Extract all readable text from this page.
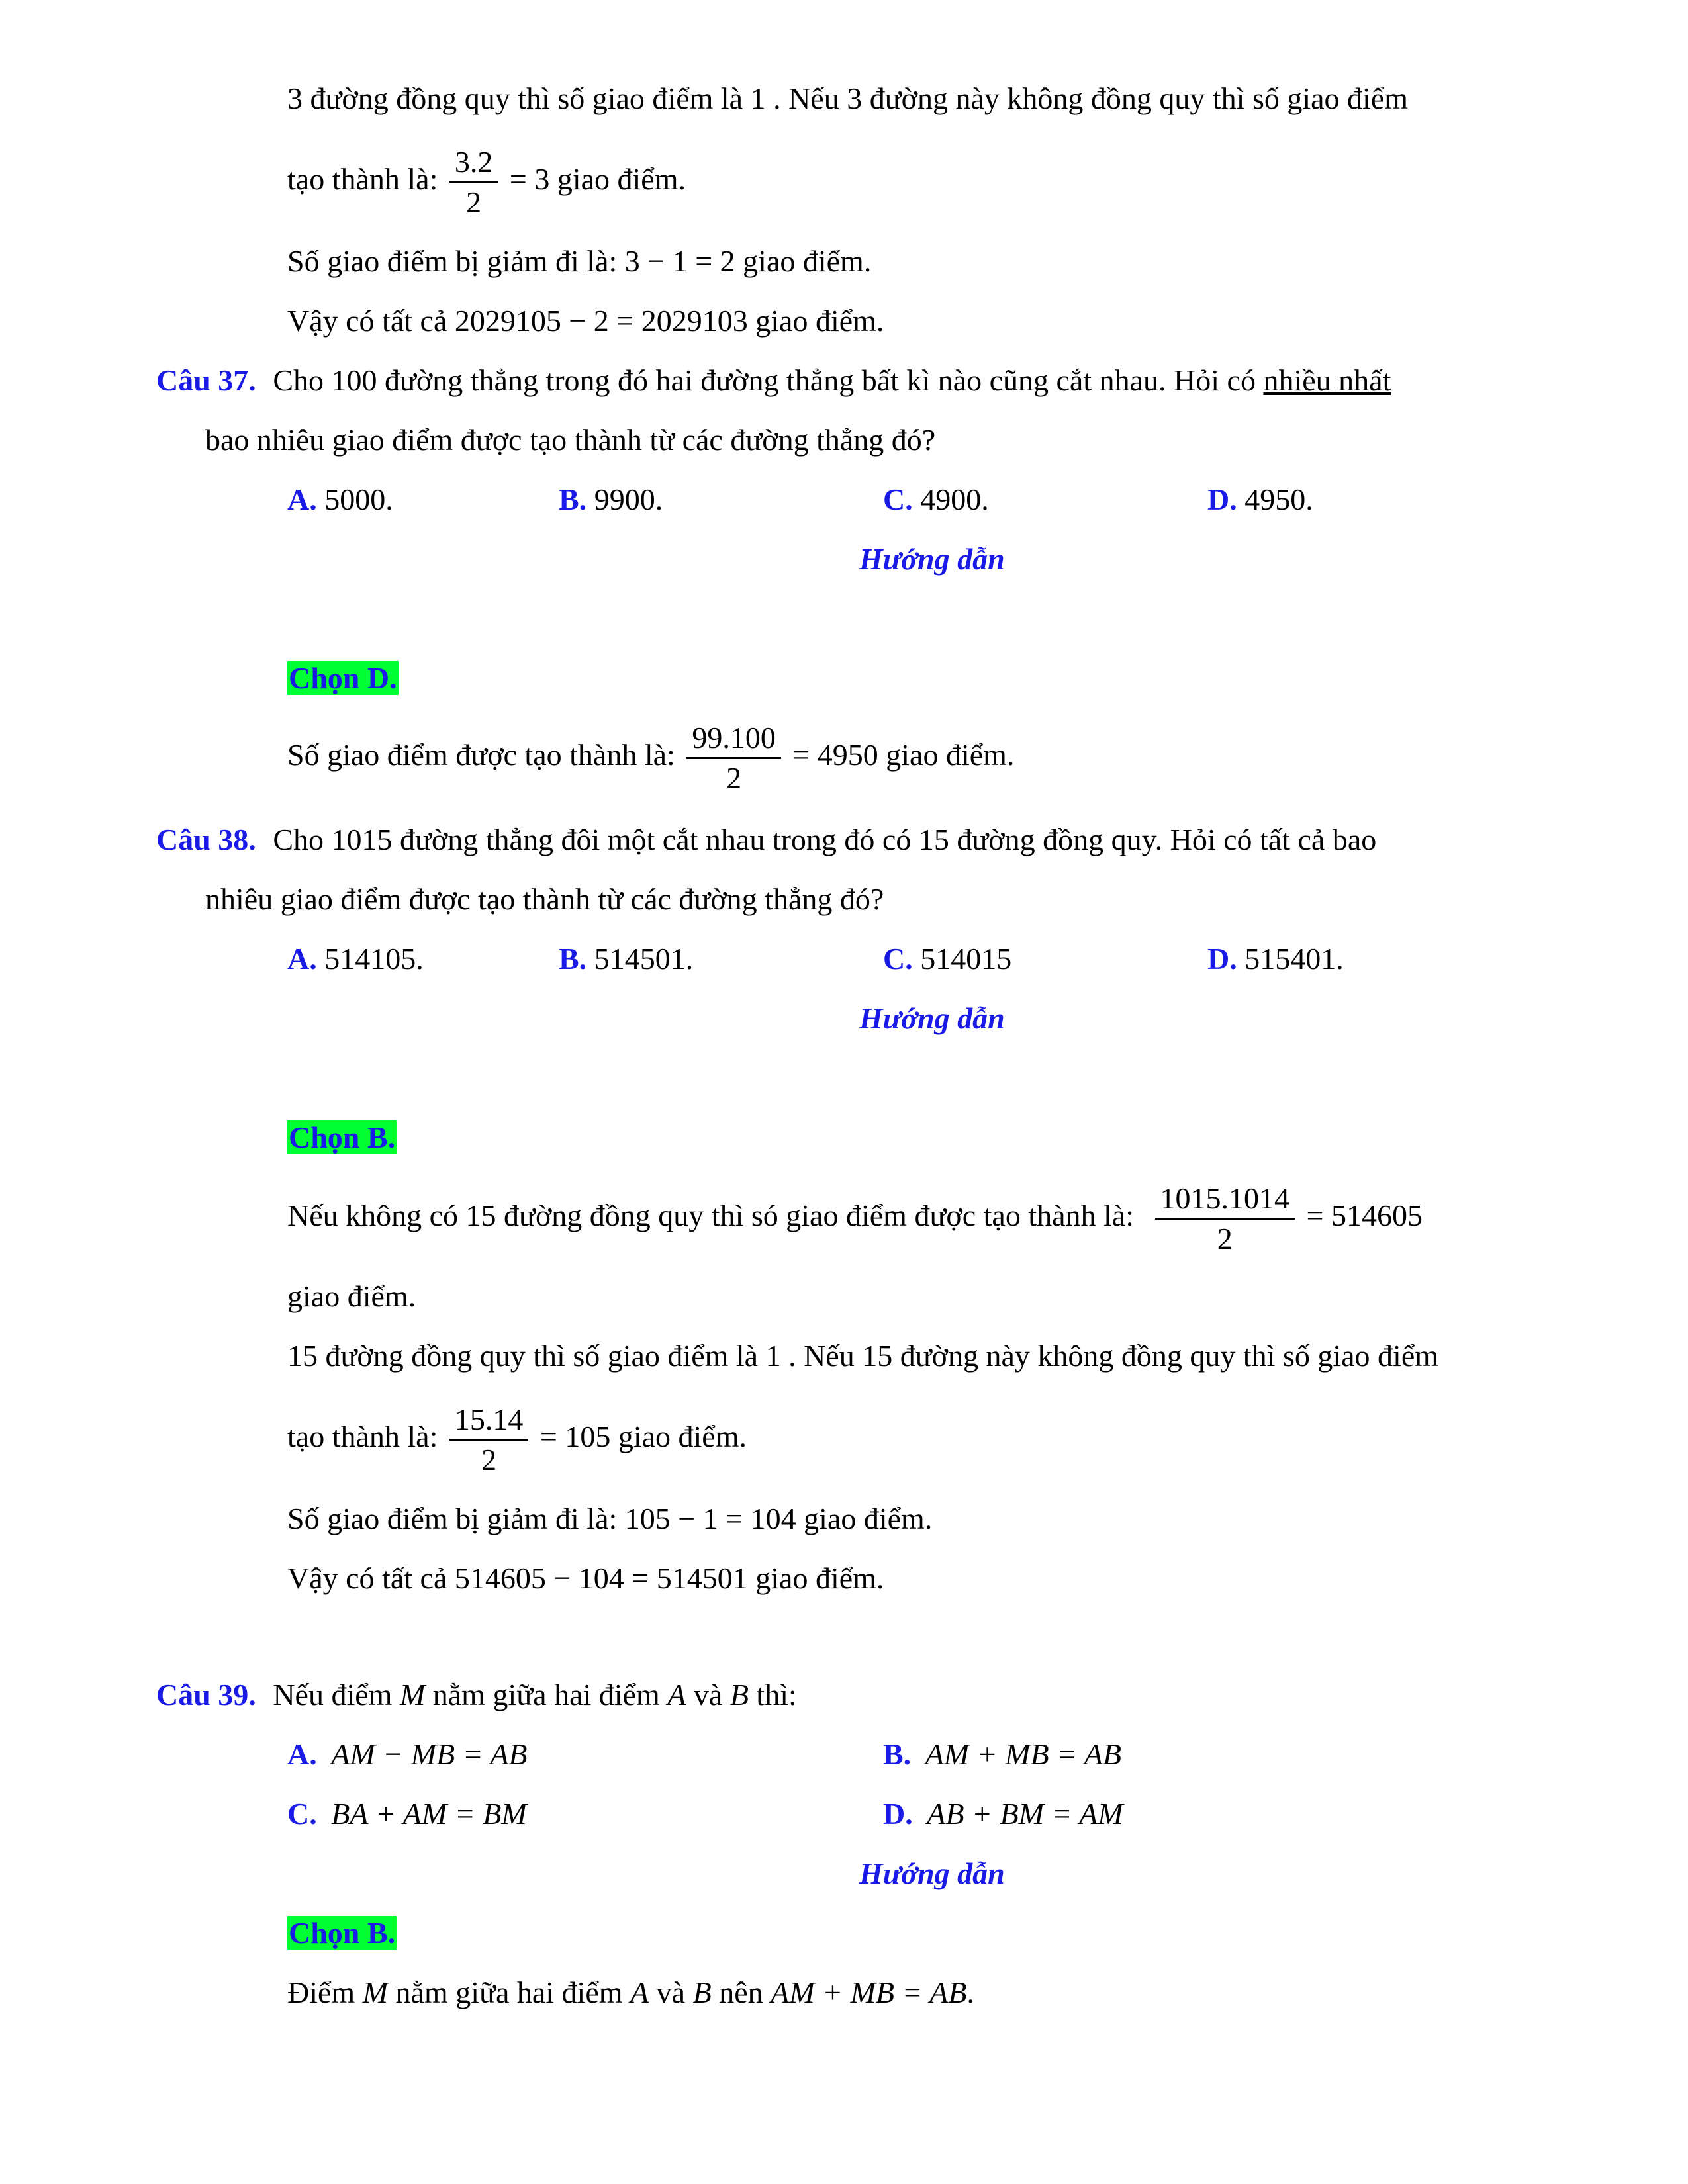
3 đường đồng quy thì số giao điểm là 1 . Nếu 3 đường này không đồng quy thì số giao điểm
tạo thành là: $\frac{3.2}{2} = 3$ giao điểm.
Số giao điểm bị giảm đi là: 3 − 1 = 2 giao điểm.
Vậy có tất cả 2029105 − 2 = 2029103 giao điểm.
Câu 37. Cho 100 đường thẳng trong đó hai đường thẳng bất kì nào cũng cắt nhau. Hỏi có nhiều nhất
bao nhiêu giao điểm được tạo thành từ các đường thẳng đó?
A. 5000.	B. 9900.	C. 4900.	D. 4950.
Hướng dẫn
Chọn D.
Số giao điểm được tạo thành là: $\frac{99.100}{2} = 4950$ giao điểm.
Câu 38. Cho 1015 đường thẳng đôi một cắt nhau trong đó có 15 đường đồng quy. Hỏi có tất cả bao
nhiêu giao điểm được tạo thành từ các đường thẳng đó?
A. 514105.	B. 514501.	C. 514015	D. 515401.
Hướng dẫn
Chọn B.
Nếu không có 15 đường đồng quy thì só giao điểm được tạo thành là: $\frac{1015.1014}{2} = 514605$
giao điểm.
15 đường đồng quy thì số giao điểm là 1 . Nếu 15 đường này không đồng quy thì số giao điểm
tạo thành là: $\frac{15.14}{2} = 105$ giao điểm.
Số giao điểm bị giảm đi là: 105 − 1 = 104 giao điểm.
Vậy có tất cả 514605 − 104 = 514501 giao điểm.
Câu 39. Nếu điểm M nằm giữa hai điểm A và B thì:
A. AM − MB = AB	B. AM + MB = AB
C. BA + AM = BM	D. AB + BM = AM
Hướng dẫn
Chọn B.
Điểm M nằm giữa hai điểm A và B nên AM + MB = AB.
